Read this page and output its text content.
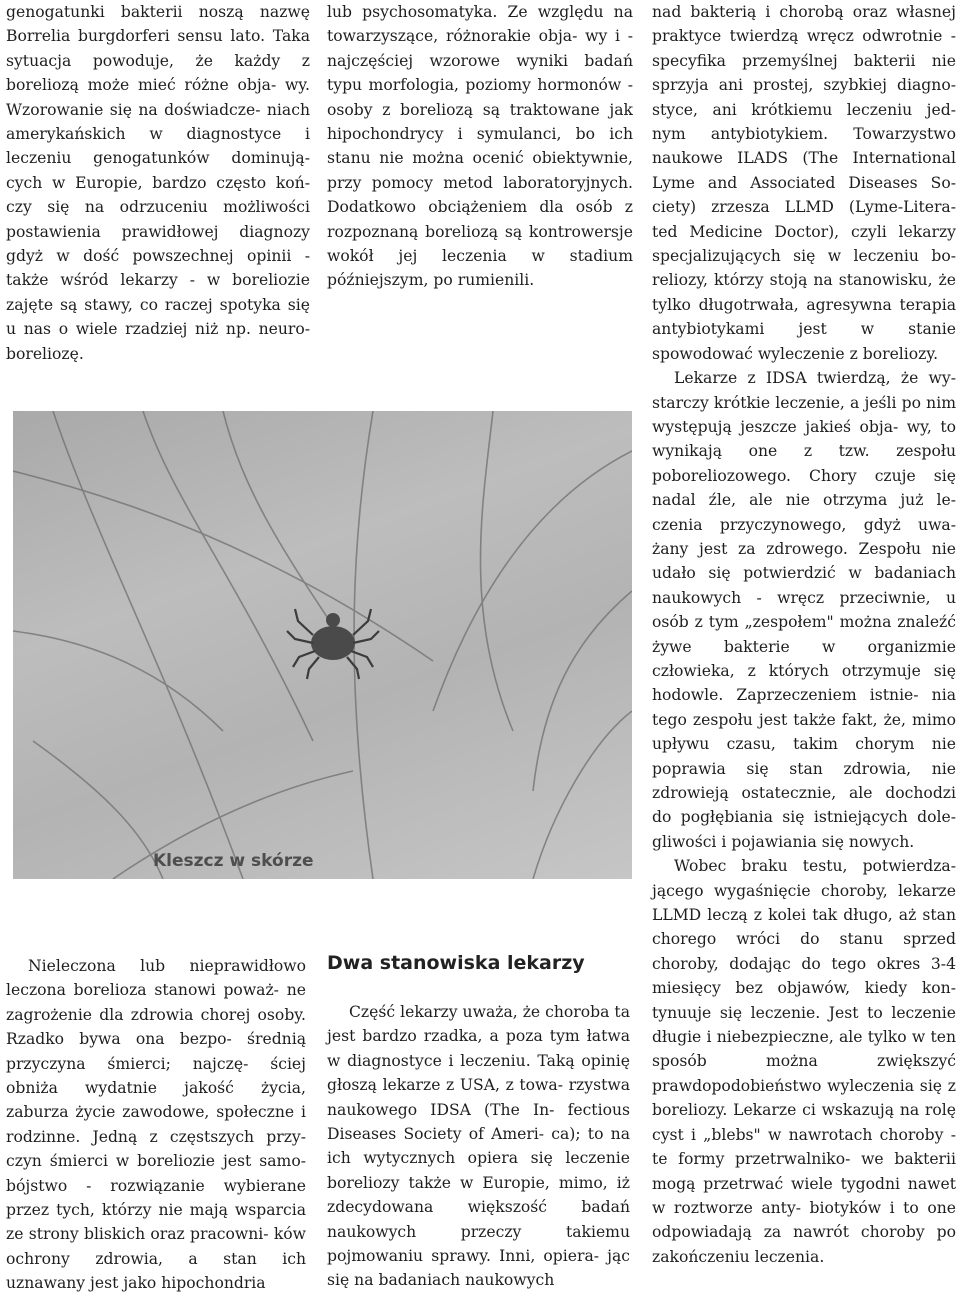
genogatunki bakterii noszą nazwę Borrelia burgdorferi sensu lato. Taka sytuacja powoduje, że każdy z boreliozą może mieć różne obja- wy. Wzorowanie się na doświadcze- niach amerykańskich w diagnostyce i leczeniu genogatunków dominują- cych w Europie, bardzo często koń- czy się na odrzuceniu możliwości postawienia prawidłowej diagnozy gdyż w dość powszechnej opinii - także wśród lekarzy - w boreliozie zajęte są stawy, co raczej spotyka się u nas o wiele rzadziej niż np. neuro- boreliozę.

Kleszcz w skórze

Nieleczona lub nieprawidłowo leczona borelioza stanowi poważ- ne zagrożenie dla zdrowia chorej osoby. Rzadko bywa ona bezpo- średnią przyczyna śmierci; najczę- ściej obniża wydatnie jakość życia, zaburza życie zawodowe, społeczne i rodzinne. Jedną z częstszych przy- czyn śmierci w boreliozie jest samo- bójstwo - rozwiązanie wybierane przez tych, którzy nie mają wsparcia ze strony bliskich oraz pracowni- ków ochrony zdrowia, a stan ich uznawany jest jako hipochondria

lub psychosomatyka. Ze względu na towarzyszące, różnorakie obja- wy i - najczęściej wzorowe wyniki badań typu morfologia, poziomy hormonów - osoby z boreliozą są traktowane jak hipochondrycy i symulanci, bo ich stanu nie można ocenić obiektywnie, przy pomocy metod laboratoryjnych. Dodatkowo obciążeniem dla osób z rozpoznaną boreliozą są kontrowersje wokół jej leczenia w stadium późniejszym, po rumienili.

Dwa stanowiska lekarzy

Część lekarzy uważa, że choroba ta jest bardzo rzadka, a poza tym łatwa w diagnostyce i leczeniu. Taką opinię głoszą lekarze z USA, z towa- rzystwa naukowego IDSA (The In- fectious Diseases Society of Ameri- ca); to na ich wytycznych opiera się leczenie boreliozy także w Europie, mimo, iż zdecydowana większość badań naukowych przeczy takiemu pojmowaniu sprawy. Inni, opiera- jąc się na badaniach naukowych

nad bakterią i chorobą oraz własnej praktyce twierdzą wręcz odwrotnie - specyfika przemyślnej bakterii nie sprzyja ani prostej, szybkiej diagno- styce, ani krótkiemu leczeniu jed- nym antybiotykiem. Towarzystwo naukowe ILADS (The International Lyme and Associated Diseases So- ciety) zrzesza LLMD (Lyme-Litera- ted Medicine Doctor), czyli lekarzy specjalizujących się w leczeniu bo- reliozy, którzy stoją na stanowisku, że tylko długotrwała, agresywna terapia antybiotykami jest w stanie spowodować wyleczenie z boreliozy.

Lekarze z IDSA twierdzą, że wy- starczy krótkie leczenie, a jeśli po nim występują jeszcze jakieś obja- wy, to wynikają one z tzw. zespołu poboreliozowego. Chory czuje się nadal źle, ale nie otrzyma już le- czenia przyczynowego, gdyż uwa- żany jest za zdrowego. Zespołu nie udało się potwierdzić w badaniach naukowych - wręcz przeciwnie, u osób z tym „zespołem" można znaleźć żywe bakterie w organizmie człowieka, z których otrzymuje się hodowle. Zaprzeczeniem istnie- nia tego zespołu jest także fakt, że, mimo upływu czasu, takim chorym nie poprawia się stan zdrowia, nie zdrowieją ostatecznie, ale dochodzi do pogłębiania się istniejących dole- gliwości i pojawiania się nowych.

Wobec braku testu, potwierdza- jącego wygaśnięcie choroby, lekarze LLMD leczą z kolei tak długo, aż stan chorego wróci do stanu sprzed choroby, dodając do tego okres 3-4 miesięcy bez objawów, kiedy kon- tynuuje się leczenie. Jest to leczenie długie i niebezpieczne, ale tylko w ten sposób można zwiększyć prawdopodobieństwo wyleczenia się z boreliozy. Lekarze ci wskazują na rolę cyst i „blebs" w nawrotach choroby - te formy przetrwalniko- we bakterii mogą przetrwać wiele tygodni nawet w roztworze anty- biotyków i to one odpowiadają za nawrót choroby po zakończeniu leczenia.
